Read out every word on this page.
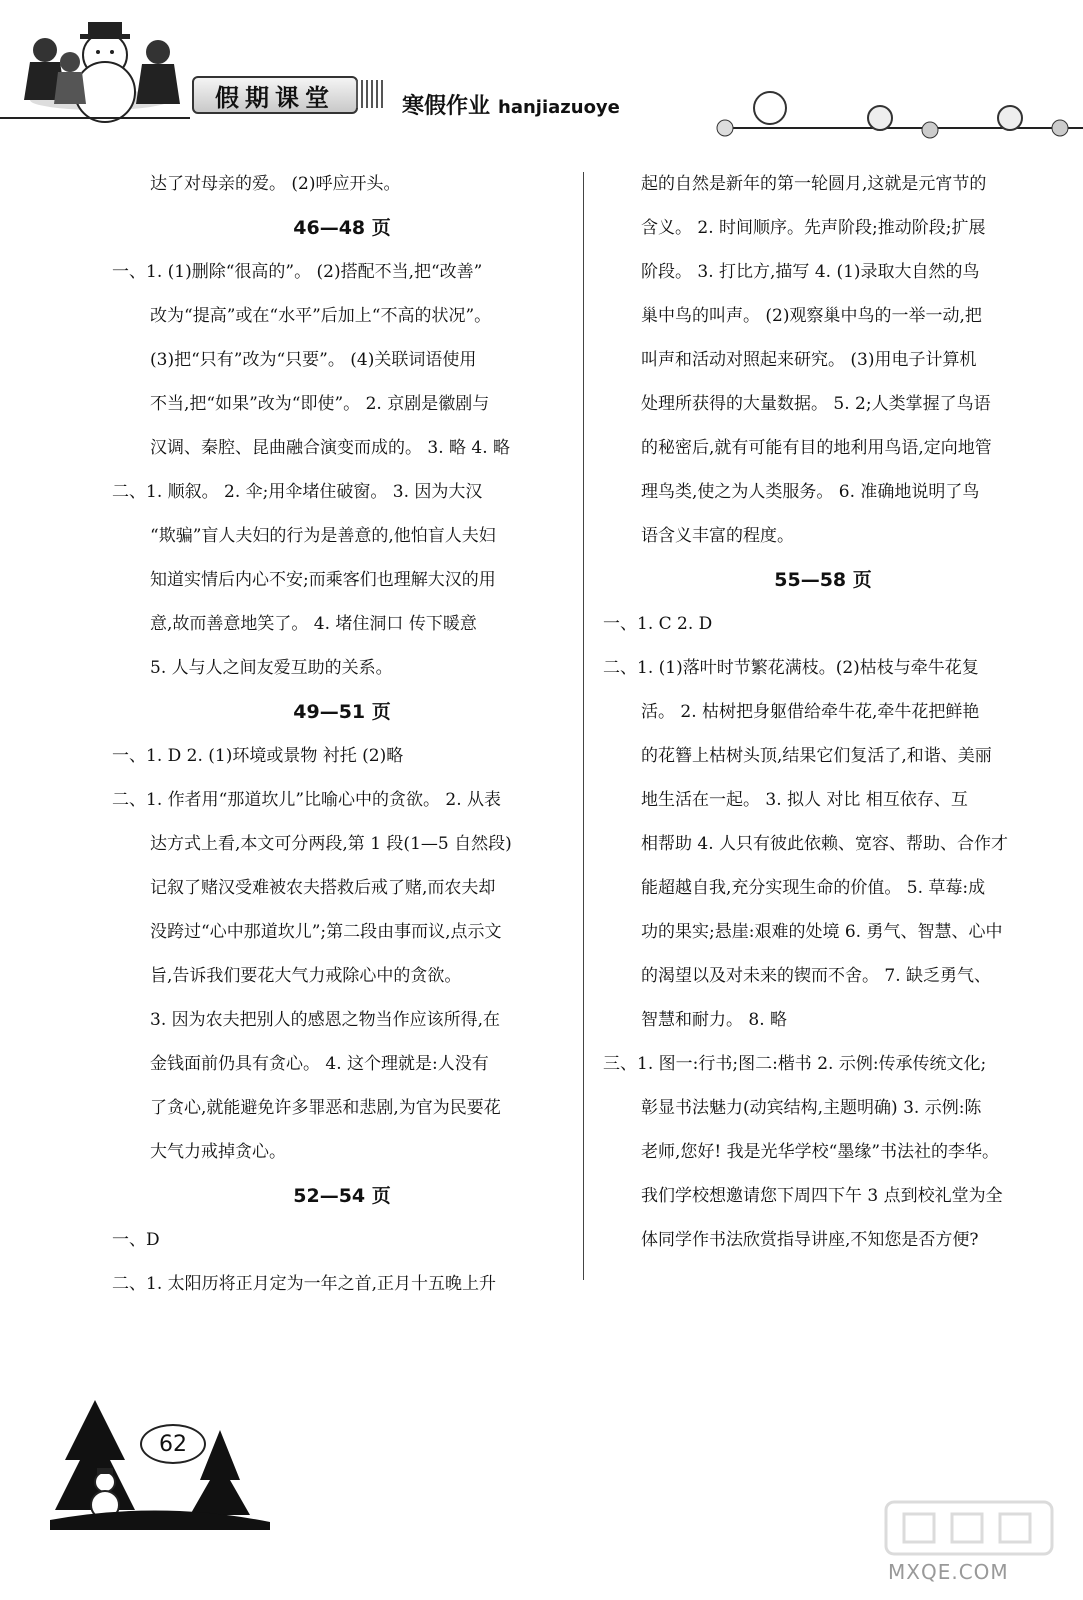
假期课堂	寒假作业 hanjiazuoye
达了对母亲的爱。 (2)呼应开头。
46—48 页
一、1. (1)删除“很高的”。 (2)搭配不当,把“改善”
改为“提高”或在“水平”后加上“不高的状况”。
(3)把“只有”改为“只要”。 (4)关联词语使用
不当,把“如果”改为“即使”。 2. 京剧是徽剧与
汉调、秦腔、昆曲融合演变而成的。 3. 略 4. 略
二、1. 顺叙。 2. 伞;用伞堵住破窗。 3. 因为大汉
“欺骗”盲人夫妇的行为是善意的,他怕盲人夫妇
知道实情后内心不安;而乘客们也理解大汉的用
意,故而善意地笑了。 4. 堵住洞口 传下暖意
5. 人与人之间友爱互助的关系。
49—51 页
一、1. D 2. (1)环境或景物 衬托 (2)略
二、1. 作者用“那道坎儿”比喻心中的贪欲。 2. 从表
达方式上看,本文可分两段,第 1 段(1—5 自然段)
记叙了赌汉受难被农夫搭救后戒了赌,而农夫却
没跨过“心中那道坎儿”;第二段由事而议,点示文
旨,告诉我们要花大气力戒除心中的贪欲。
3. 因为农夫把别人的感恩之物当作应该所得,在
金钱面前仍具有贪心。 4. 这个理就是:人没有
了贪心,就能避免许多罪恶和悲剧,为官为民要花
大气力戒掉贪心。
52—54 页
一、D
二、1. 太阳历将正月定为一年之首,正月十五晚上升
起的自然是新年的第一轮圆月,这就是元宵节的
含义。 2. 时间顺序。先声阶段;推动阶段;扩展
阶段。 3. 打比方,描写 4. (1)录取大自然的鸟
巢中鸟的叫声。 (2)观察巢中鸟的一举一动,把
叫声和活动对照起来研究。 (3)用电子计算机
处理所获得的大量数据。 5. 2;人类掌握了鸟语
的秘密后,就有可能有目的地利用鸟语,定向地管
理鸟类,使之为人类服务。 6. 准确地说明了鸟
语含义丰富的程度。
55—58 页
一、1. C 2. D
二、1. (1)落叶时节繁花满枝。(2)枯枝与牵牛花复
活。 2. 枯树把身躯借给牵牛花,牵牛花把鲜艳
的花簪上枯树头顶,结果它们复活了,和谐、美丽
地生活在一起。 3. 拟人 对比 相互依存、互
相帮助 4. 人只有彼此依赖、宽容、帮助、合作才
能超越自我,充分实现生命的价值。 5. 草莓:成
功的果实;悬崖:艰难的处境 6. 勇气、智慧、心中
的渴望以及对未来的锲而不舍。 7. 缺乏勇气、
智慧和耐力。 8. 略
三、1. 图一:行书;图二:楷书 2. 示例:传承传统文化;
彰显书法魅力(动宾结构,主题明确) 3. 示例:陈
老师,您好! 我是光华学校“墨缘”书法社的李华。
我们学校想邀请您下周四下午 3 点到校礼堂为全
体同学作书法欣赏指导讲座,不知您是否方便?
62
MXQE.COM
